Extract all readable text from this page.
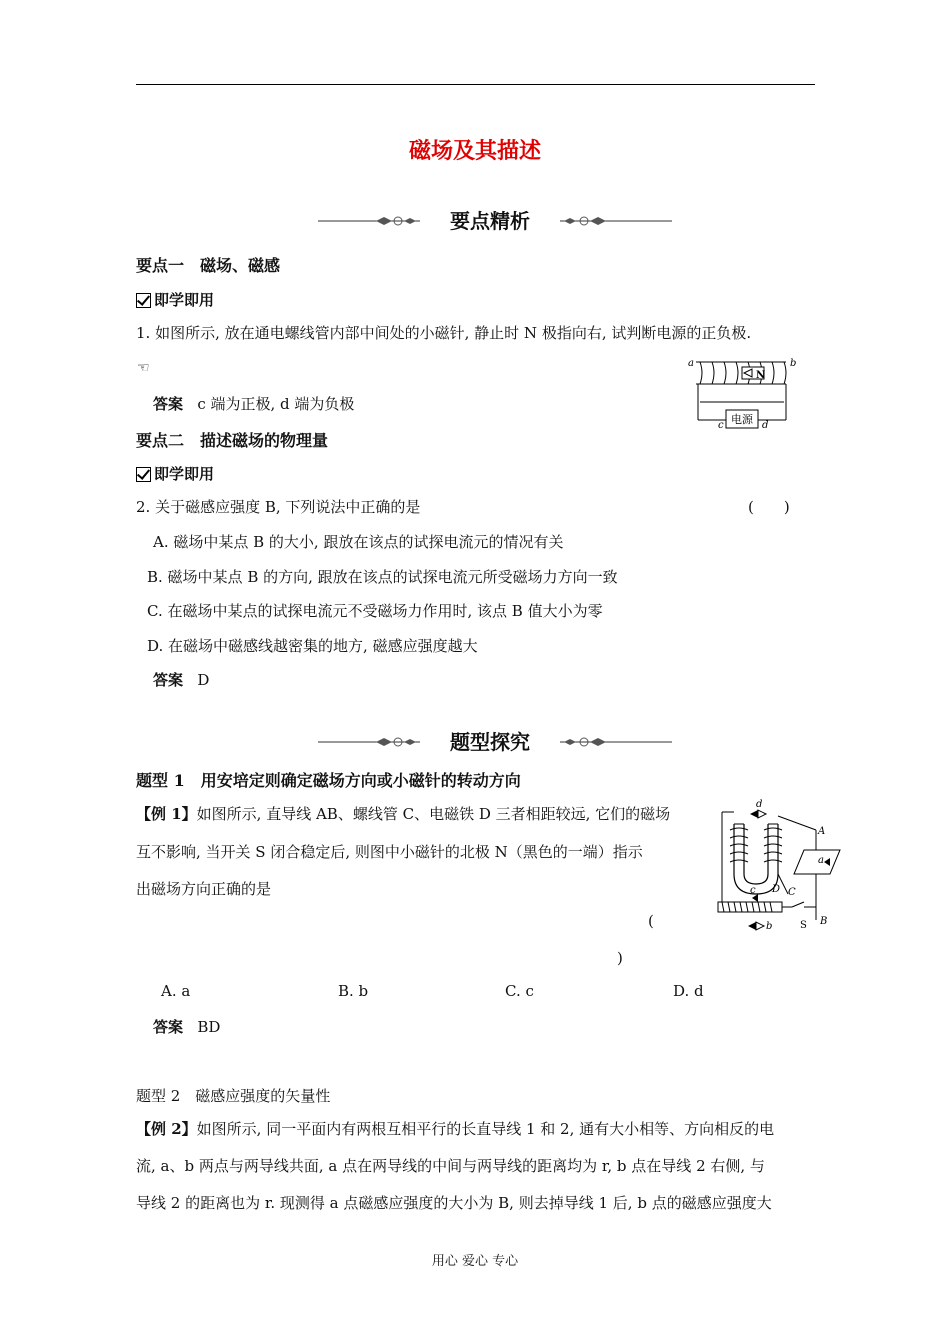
磁场及其描述
要点精析
要点一　磁场、磁感
即学即用
1. 如图所示, 放在通电螺线管内部中间处的小磁针, 静止时 N 极指向右, 试判断电源的正负极.
☜	a	b
N
c	d
电源
答案 c 端为正极, d 端为负极
要点二　描述磁场的物理量
即学即用
2. 关于磁感应强度 B, 下列说法中正确的是	(　　)
A. 磁场中某点 B 的大小, 跟放在该点的试探电流元的情况有关
B. 磁场中某点 B 的方向, 跟放在该点的试探电流元所受磁场力方向一致
C. 在磁场中某点的试探电流元不受磁场力作用时, 该点 B 值大小为零
D. 在磁场中磁感线越密集的地方, 磁感应强度越大
答案 D
题型探究
题型 1　用安培定则确定磁场方向或小磁针的转动方向
【例 1】如图所示, 直导线 AB、螺线管 C、电磁铁 D 三者相距较远, 它们的磁场
互不影响, 当开关 S 闭合稳定后, 则图中小磁针的北极 N（黑色的一端）指示
出磁场方向正确的是
(
)
d
A
a
D C
c
b	S B
A. a	B. b	C. c	D. d
答案 BD
题型 2　磁感应强度的矢量性
【例 2】如图所示, 同一平面内有两根互相平行的长直导线 1 和 2, 通有大小相等、方向相反的电
流, a、b 两点与两导线共面, a 点在两导线的中间与两导线的距离均为 r, b 点在导线 2 右侧, 与
导线 2 的距离也为 r. 现测得 a 点磁感应强度的大小为 B, 则去掉导线 1 后, b 点的磁感应强度大
用心 爱心 专心
